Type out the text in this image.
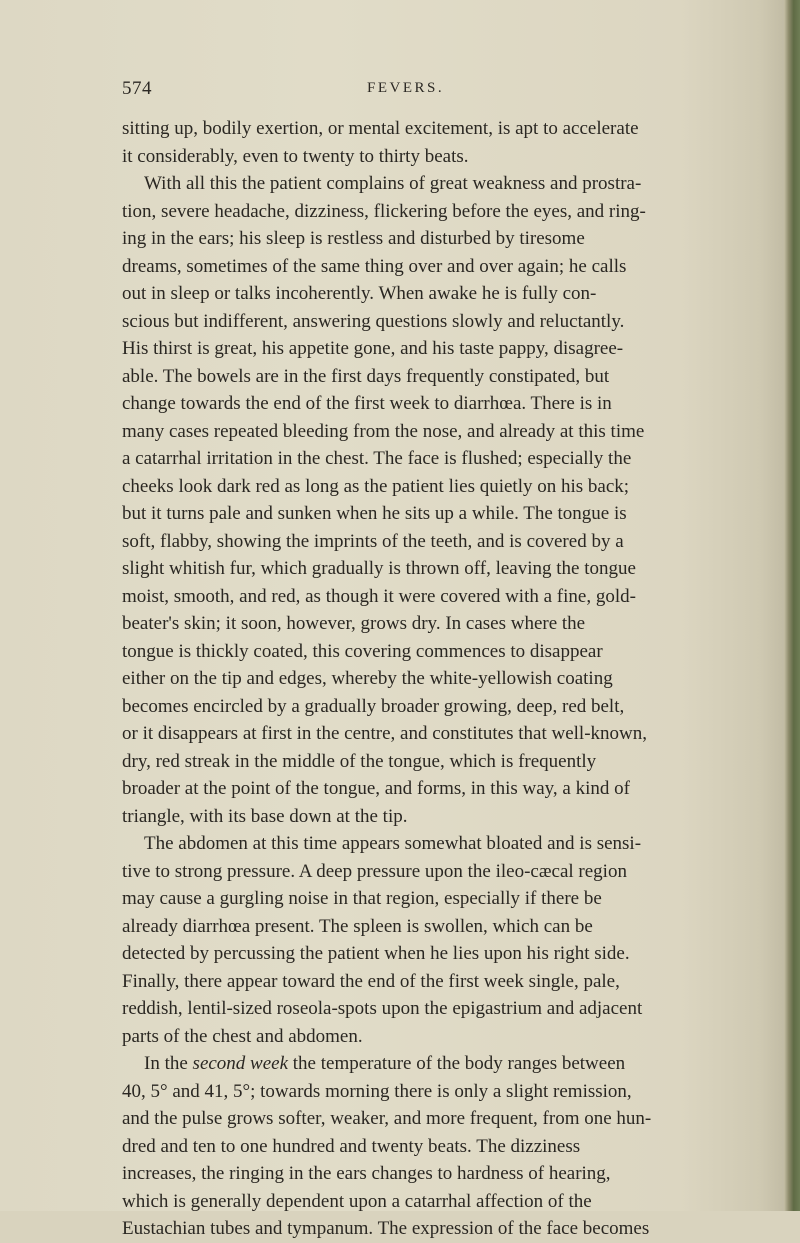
574	FEVERS.
sitting up, bodily exertion, or mental excitement, is apt to accelerate
it considerably, even to twenty to thirty beats.
With all this the patient complains of great weakness and prostra-
tion, severe headache, dizziness, flickering before the eyes, and ring-
ing in the ears; his sleep is restless and disturbed by tiresome
dreams, sometimes of the same thing over and over again; he calls
out in sleep or talks incoherently. When awake he is fully con-
scious but indifferent, answering questions slowly and reluctantly.
His thirst is great, his appetite gone, and his taste pappy, disagree-
able. The bowels are in the first days frequently constipated, but
change towards the end of the first week to diarrhœa. There is in
many cases repeated bleeding from the nose, and already at this time
a catarrhal irritation in the chest. The face is flushed; especially the
cheeks look dark red as long as the patient lies quietly on his back;
but it turns pale and sunken when he sits up a while. The tongue is
soft, flabby, showing the imprints of the teeth, and is covered by a
slight whitish fur, which gradually is thrown off, leaving the tongue
moist, smooth, and red, as though it were covered with a fine, gold-
beater's skin; it soon, however, grows dry. In cases where the
tongue is thickly coated, this covering commences to disappear
either on the tip and edges, whereby the white-yellowish coating
becomes encircled by a gradually broader growing, deep, red belt,
or it disappears at first in the centre, and constitutes that well-known,
dry, red streak in the middle of the tongue, which is frequently
broader at the point of the tongue, and forms, in this way, a kind of
triangle, with its base down at the tip.
The abdomen at this time appears somewhat bloated and is sensi-
tive to strong pressure. A deep pressure upon the ileo-cæcal region
may cause a gurgling noise in that region, especially if there be
already diarrhœa present. The spleen is swollen, which can be
detected by percussing the patient when he lies upon his right side.
Finally, there appear toward the end of the first week single, pale,
reddish, lentil-sized roseola-spots upon the epigastrium and adjacent
parts of the chest and abdomen.
In the second week the temperature of the body ranges between
40, 5° and 41, 5°; towards morning there is only a slight remission,
and the pulse grows softer, weaker, and more frequent, from one hun-
dred and ten to one hundred and twenty beats. The dizziness
increases, the ringing in the ears changes to hardness of hearing,
which is generally dependent upon a catarrhal affection of the
Eustachian tubes and tympanum. The expression of the face becomes
